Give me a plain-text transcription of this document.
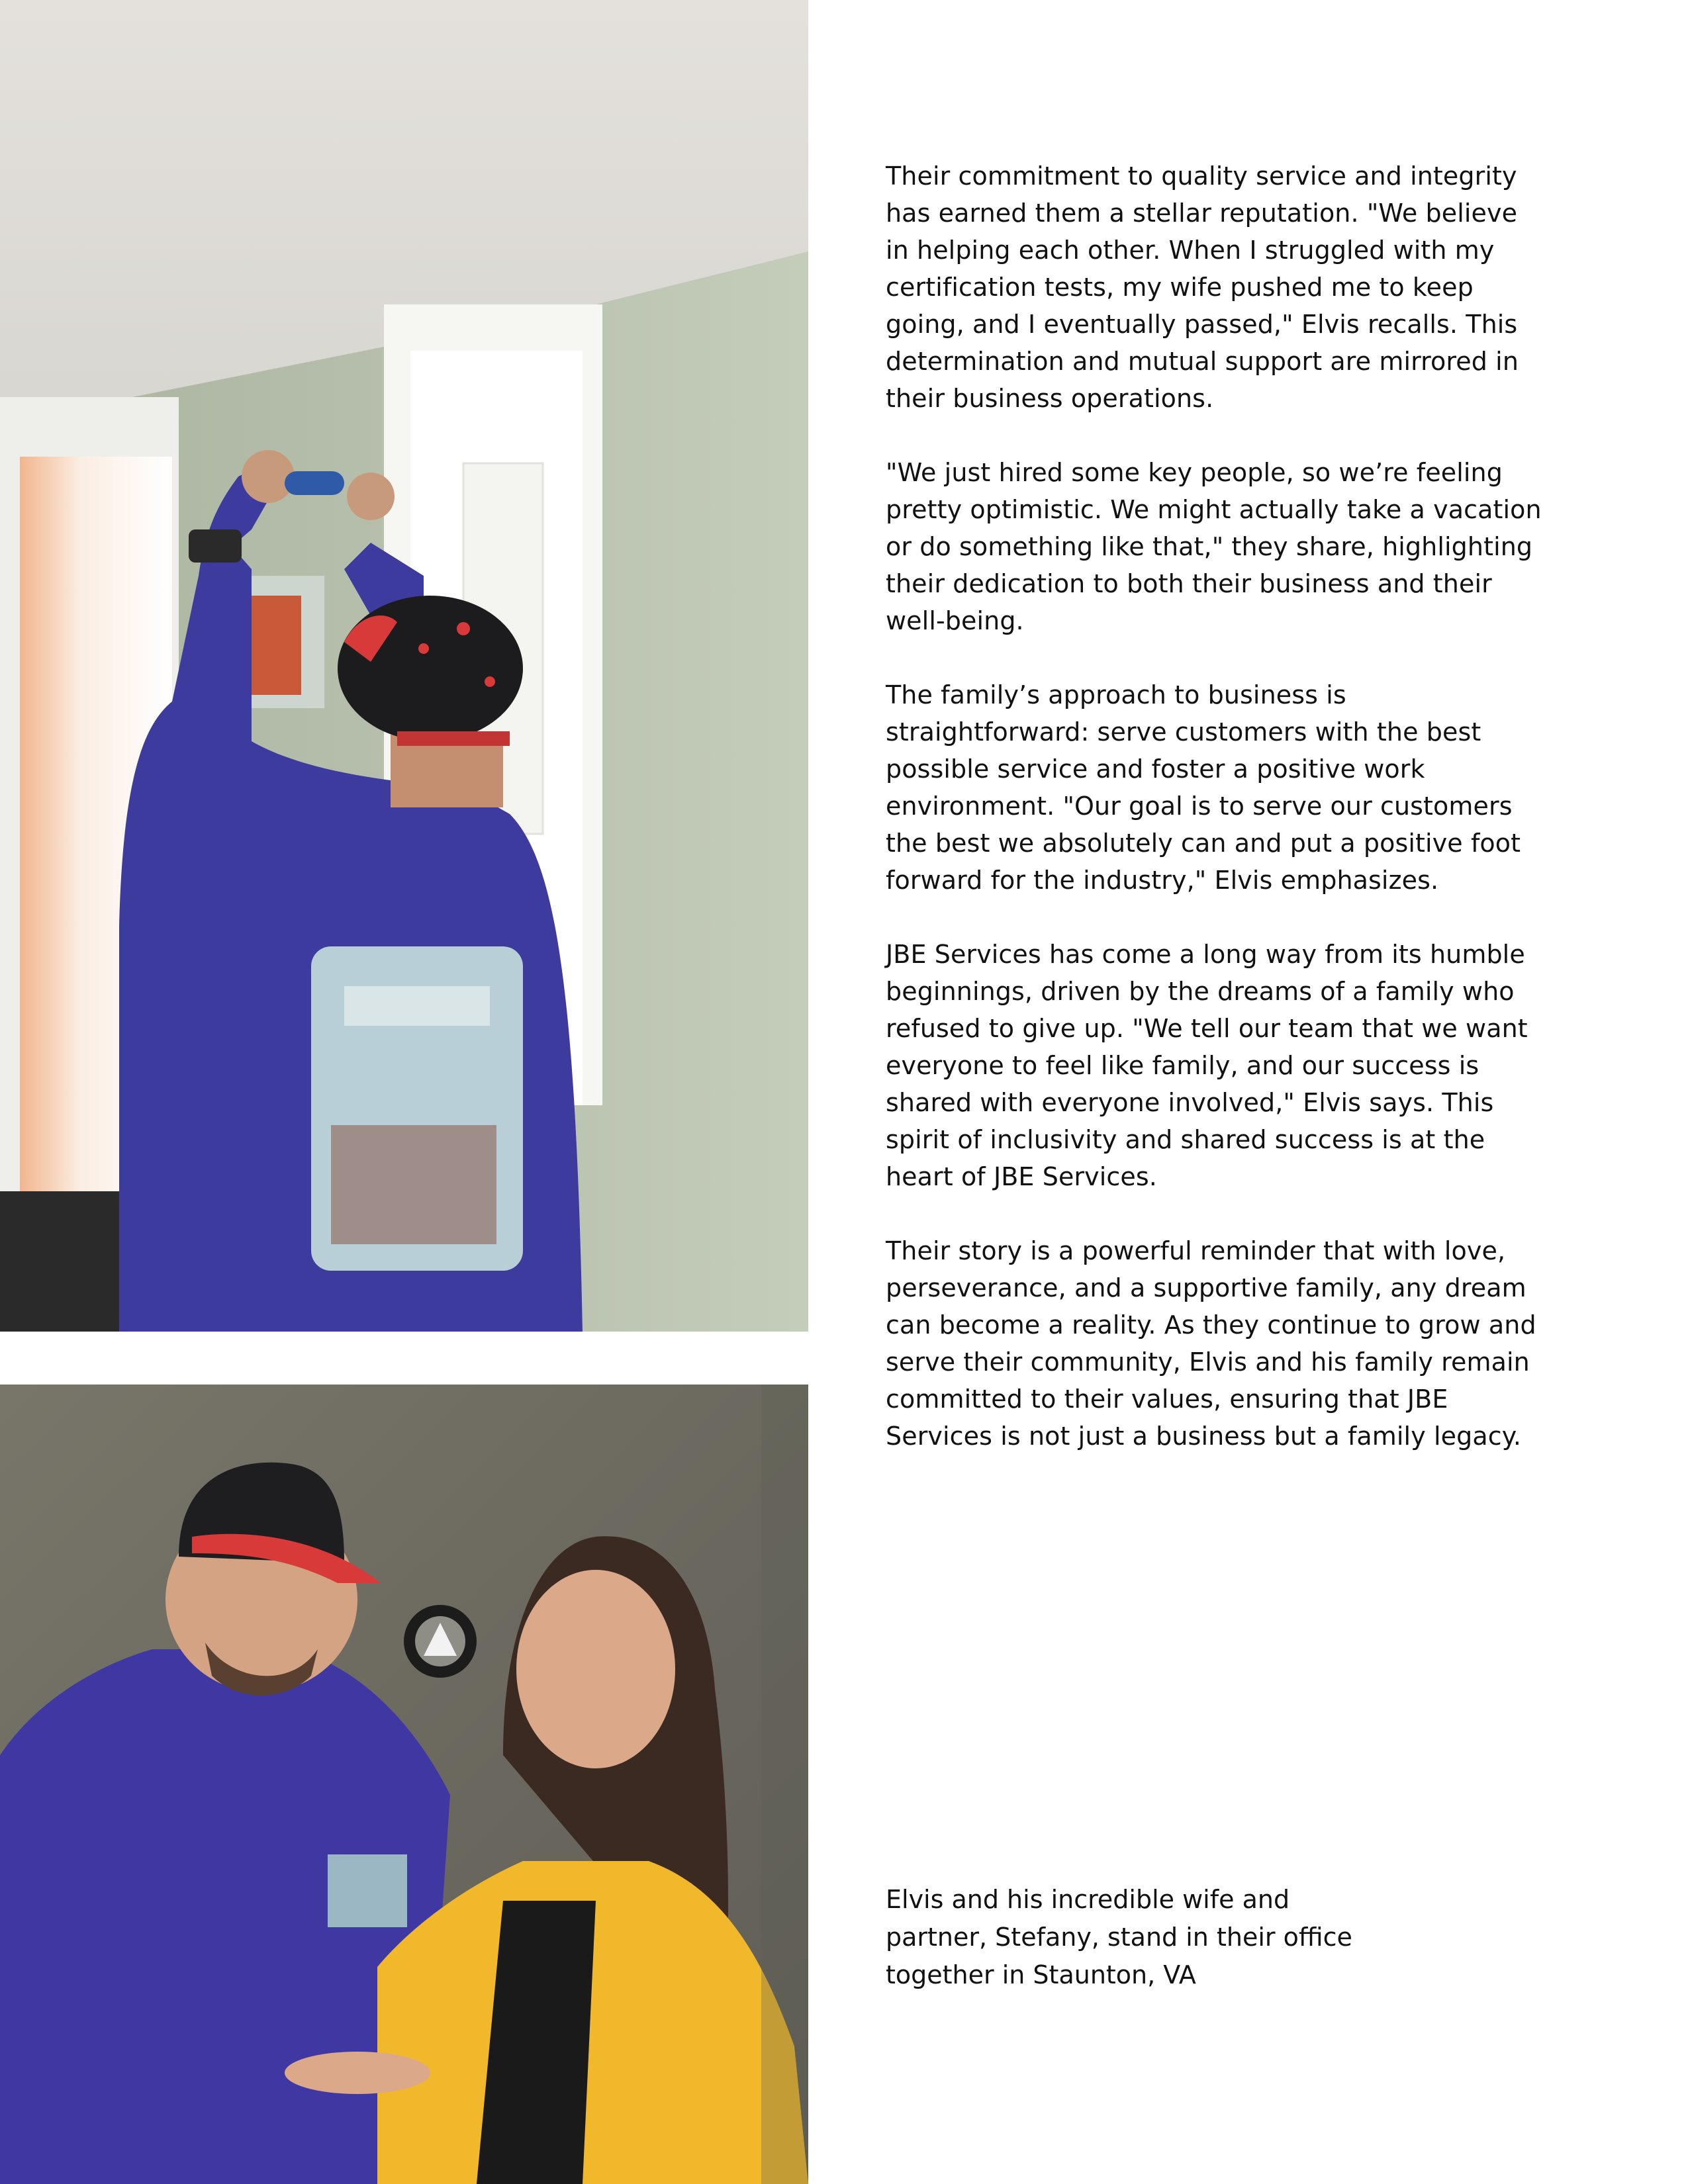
Their commitment to quality service and integrity has earned them a stellar reputation. "We believe in helping each other. When I struggled with my certification tests, my wife pushed me to keep going, and I eventually passed," Elvis recalls. This determination and mutual support are mirrored in their business operations.

"We just hired some key people, so we’re feeling pretty optimistic. We might actually take a vacation or do something like that," they share, highlighting their dedication to both their business and their well-being.

The family’s approach to business is straightforward: serve customers with the best possible service and foster a positive work environment. "Our goal is to serve our customers the best we absolutely can and put a positive foot forward for the industry," Elvis emphasizes.

JBE Services has come a long way from its humble beginnings, driven by the dreams of a family who refused to give up. "We tell our team that we want everyone to feel like family, and our success is shared with everyone involved," Elvis says. This spirit of inclusivity and shared success is at the heart of JBE Services.

Their story is a powerful reminder that with love, perseverance, and a supportive family, any dream can become a reality. As they continue to grow and serve their community, Elvis and his family remain committed to their values, ensuring that JBE Services is not just a business but a family legacy.

Elvis and his incredible wife and partner, Stefany, stand in their office together in Staunton, VA
